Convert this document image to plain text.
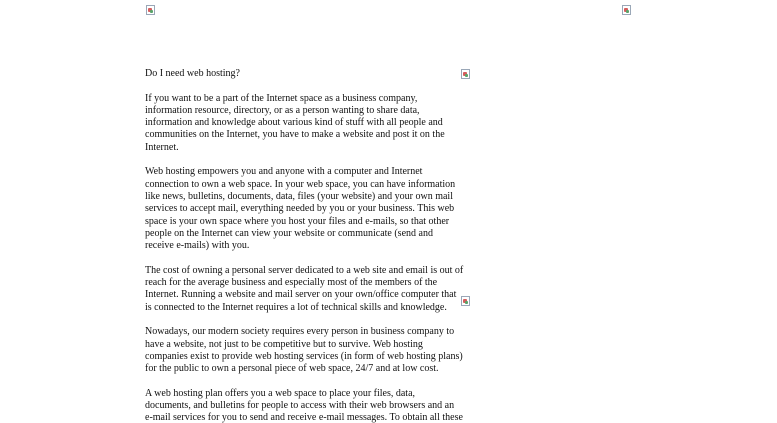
Do I need web hosting?

If you want to be a part of the Internet space as a business company,
information resource, directory, or as a person wanting to share data,
information and knowledge about various kind of stuff with all people and
communities on the Internet, you have to make a website and post it on the
Internet.

Web hosting empowers you and anyone with a computer and Internet
connection to own a web space. In your web space, you can have information
like news, bulletins, documents, data, files (your website) and your own mail
services to accept mail, everything needed by you or your business. This web
space is your own space where you host your files and e-mails, so that other
people on the Internet can view your website or communicate (send and
receive e-mails) with you.

The cost of owning a personal server dedicated to a web site and email is out of
reach for the average business and especially most of the members of the
Internet. Running a website and mail server on your own/office computer that
is connected to the Internet requires a lot of technical skills and knowledge.

Nowadays, our modern society requires every person in business company to
have a website, not just to be competitive but to survive. Web hosting
companies exist to provide web hosting services (in form of web hosting plans)
for the public to own a personal piece of web space, 24/7 and at low cost.

A web hosting plan offers you a web space to place your files, data,
documents, and bulletins for people to access with their web browsers and an
e-mail services for you to send and receive e-mail messages. To obtain all these
